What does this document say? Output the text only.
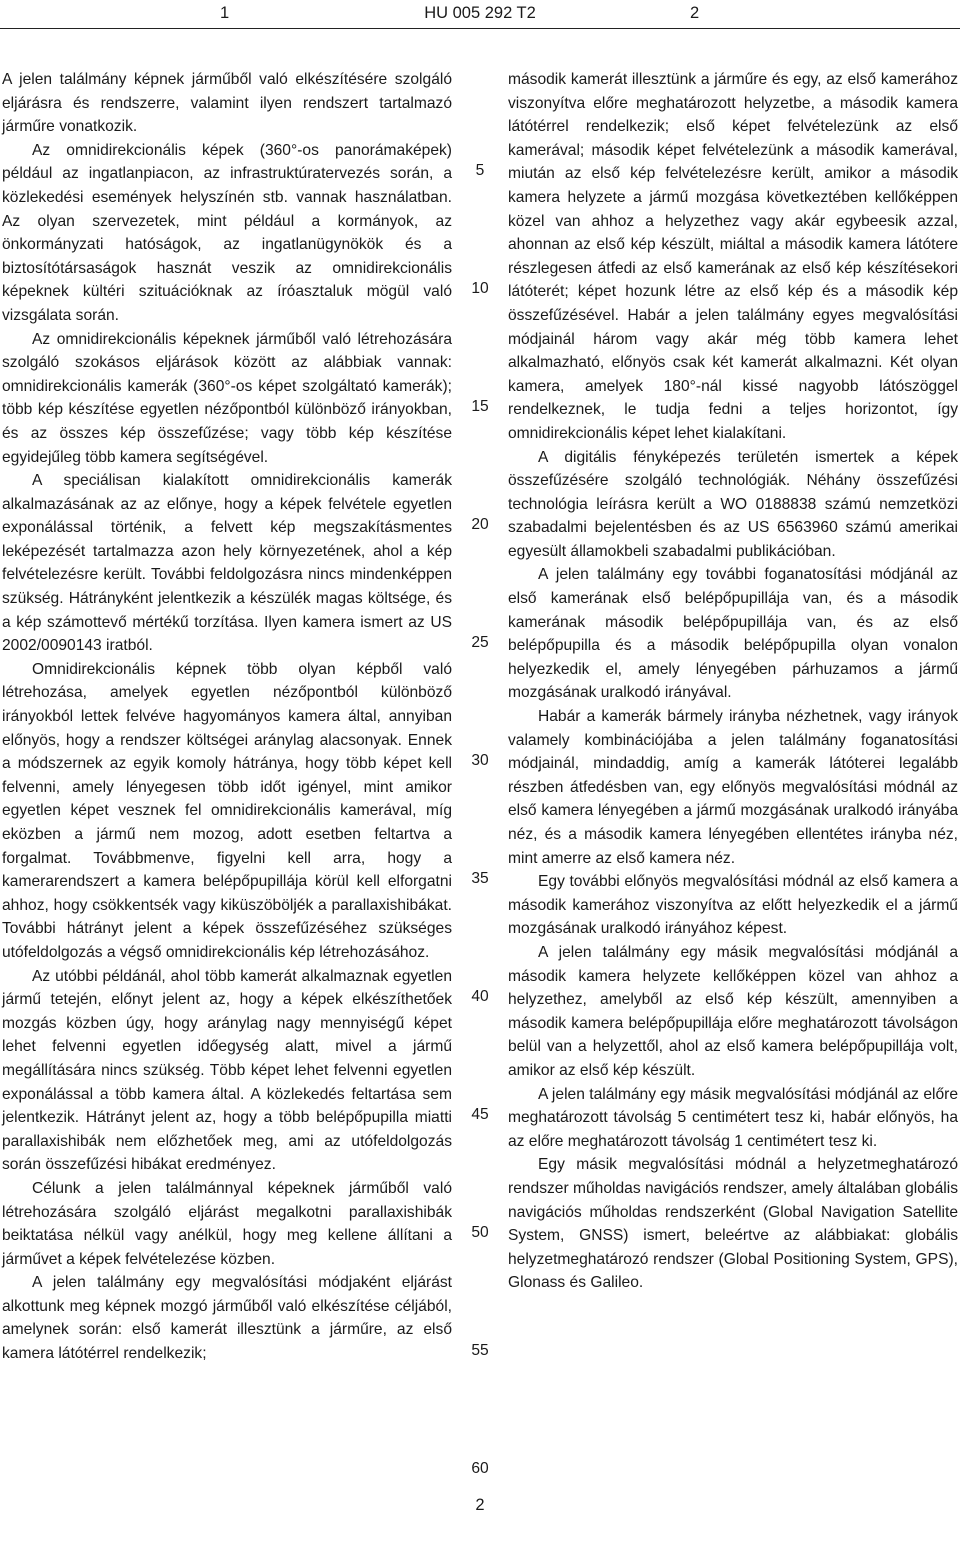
1	HU 005 292 T2	2

A jelen találmány képnek járműből való elkészítésére szolgáló eljárásra és rendszerre, valamint ilyen rendszert tartalmazó járműre vonatkozik.

Az omnidirekcionális képek (360°-os panorámaképek) például az ingatlanpiacon, az infrastruktúratervezés során, a közlekedési események helyszínén stb. vannak használatban. Az olyan szervezetek, mint például a kormányok, az önkormányzati hatóságok, az ingatlanügynökök és a biztosítótársaságok hasznát veszik az omnidirekcionális képeknek kültéri szituációknak az íróasztaluk mögül való vizsgálata során.

Az omnidirekcionális képeknek járműből való létrehozására szolgáló szokásos eljárások között az alábbiak vannak: omnidirekcionális kamerák (360°-os képet szolgáltató kamerák); több kép készítése egyetlen nézőpontból különböző irányokban, és az összes kép összefűzése; vagy több kép készítése egyidejűleg több kamera segítségével.

A speciálisan kialakított omnidirekcionális kamerák alkalmazásának az az előnye, hogy a képek felvétele egyetlen exponálással történik, a felvett kép megszakításmentes leképezését tartalmazza azon hely környezetének, ahol a kép felvételezésre került. További feldolgozásra nincs mindenképpen szükség. Hátrányként jelentkezik a készülék magas költsége, és a kép számottevő mértékű torzítása. Ilyen kamera ismert az US 2002/0090143 iratból.

Omnidirekcionális képnek több olyan képből való létrehozása, amelyek egyetlen nézőpontból különböző irányokból lettek felvéve hagyományos kamera által, annyiban előnyös, hogy a rendszer költségei aránylag alacsonyak. Ennek a módszernek az egyik komoly hátránya, hogy több képet kell felvenni, amely lényegesen több időt igényel, mint amikor egyetlen képet vesznek fel omnidirekcionális kamerával, míg eközben a jármű nem mozog, adott esetben feltartva a forgalmat. Továbbmenve, figyelni kell arra, hogy a kamerarendszert a kamera belépőpupillája körül kell elforgatni ahhoz, hogy csökkentsék vagy kiküszöböljék a parallaxishibákat. További hátrányt jelent a képek összefűzéséhez szükséges utófeldolgozás a végső omnidirekcionális kép létrehozásához.

Az utóbbi példánál, ahol több kamerát alkalmaznak egyetlen jármű tetején, előnyt jelent az, hogy a képek elkészíthetőek mozgás közben úgy, hogy aránylag nagy mennyiségű képet lehet felvenni egyetlen időegység alatt, mivel a jármű megállítására nincs szükség. Több képet lehet felvenni egyetlen exponálással a több kamera által. A közlekedés feltartása sem jelentkezik. Hátrányt jelent az, hogy a több belépőpupilla miatti parallaxishibák nem előzhetőek meg, ami az utófeldolgozás során összefűzési hibákat eredményez.

Célunk a jelen találmánnyal képeknek járműből való létrehozására szolgáló eljárást megalkotni parallaxishibák beiktatása nélkül vagy anélkül, hogy meg kellene állítani a járművet a képek felvételezése közben.

A jelen találmány egy megvalósítási módjaként eljárást alkottunk meg képnek mozgó járműből való elkészítése céljából, amelynek során: első kamerát illesztünk a járműre, az első kamera látótérrel rendelkezik;

második kamerát illesztünk a járműre és egy, az első kamerához viszonyítva előre meghatározott helyzetbe, a második kamera látótérrel rendelkezik; első képet felvételezünk az első kamerával; második képet felvételezünk a második kamerával, miután az első kép felvételezésre került, amikor a második kamera helyzete a jármű mozgása következtében kellőképpen közel van ahhoz a helyzethez vagy akár egybeesik azzal, ahonnan az első kép készült, miáltal a második kamera látótere részlegesen átfedi az első kamerának az első kép készítésekori látóterét; képet hozunk létre az első kép és a második kép összefűzésével. Habár a jelen találmány egyes megvalósítási módjainál három vagy akár még több kamera lehet alkalmazható, előnyös csak két kamerát alkalmazni. Két olyan kamera, amelyek 180°-nál kissé nagyobb látószöggel rendelkeznek, le tudja fedni a teljes horizontot, így omnidirekcionális képet lehet kialakítani.

A digitális fényképezés területén ismertek a képek összefűzésére szolgáló technológiák. Néhány összefűzési technológia leírásra került a WO 0188838 számú nemzetközi szabadalmi bejelentésben és az US 6563960 számú amerikai egyesült államokbeli szabadalmi publikációban.

A jelen találmány egy további foganatosítási módjánál az első kamerának első belépőpupillája van, és a második kamerának második belépőpupillája van, és az első belépőpupilla és a második belépőpupilla olyan vonalon helyezkedik el, amely lényegében párhuzamos a jármű mozgásának uralkodó irányával.

Habár a kamerák bármely irányba nézhetnek, vagy irányok valamely kombinációjába a jelen találmány foganatosítási módjainál, mindaddig, amíg a kamerák látóterei legalább részben átfedésben van, egy előnyös megvalósítási módnál az első kamera lényegében a jármű mozgásának uralkodó irányába néz, és a második kamera lényegében ellentétes irányba néz, mint amerre az első kamera néz.

Egy további előnyös megvalósítási módnál az első kamera a második kamerához viszonyítva az előtt helyezkedik el a jármű mozgásának uralkodó irányához képest.

A jelen találmány egy másik megvalósítási módjánál a második kamera helyzete kellőképpen közel van ahhoz a helyzethez, amelyből az első kép készült, amennyiben a második kamera belépőpupillája előre meghatározott távolságon belül van a helyzettől, ahol az első kamera belépőpupillája volt, amikor az első kép készült.

A jelen találmány egy másik megvalósítási módjánál az előre meghatározott távolság 5 centimétert tesz ki, habár előnyös, ha az előre meghatározott távolság 1 centimétert tesz ki.

Egy másik megvalósítási módnál a helyzetmeghatározó rendszer műholdas navigációs rendszer, amely általában globális navigációs műholdas rendszerként (Global Navigation Satellite System, GNSS) ismert, beleértve az alábbiakat: globális helyzetmeghatározó rendszer (Global Positioning System, GPS), Glonass és Galileo.

5
10
15
20
25
30
35
40
45
50
55
60
2
